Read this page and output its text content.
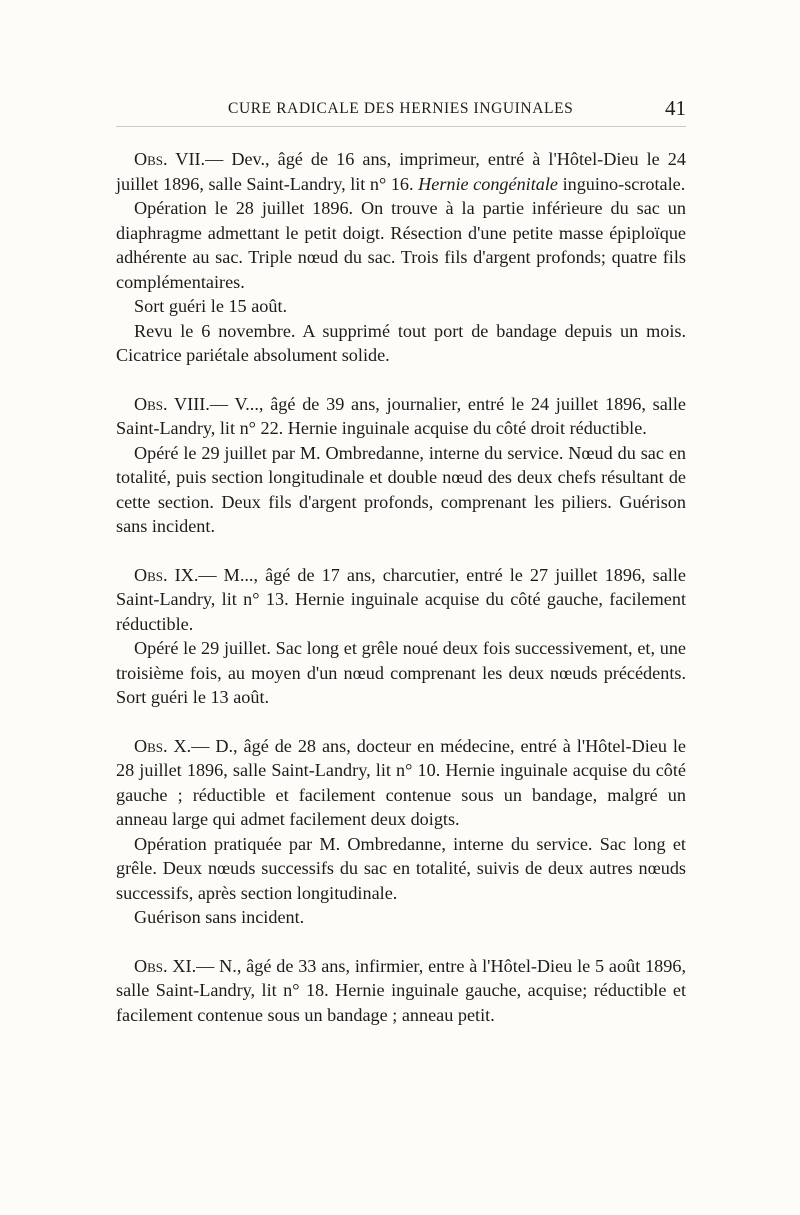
CURE RADICALE DES HERNIES INGUINALES	41

Obs. VII.— Dev., âgé de 16 ans, imprimeur, entré à l'Hôtel-Dieu le 24 juillet 1896, salle Saint-Landry, lit n° 16. Hernie congénitale inguino-scrotale.

Opération le 28 juillet 1896. On trouve à la partie inférieure du sac un diaphragme admettant le petit doigt. Résection d'une petite masse épiploïque adhérente au sac. Triple nœud du sac. Trois fils d'argent profonds; quatre fils complémentaires.

Sort guéri le 15 août.

Revu le 6 novembre. A supprimé tout port de bandage depuis un mois. Cicatrice pariétale absolument solide.

Obs. VIII.— V..., âgé de 39 ans, journalier, entré le 24 juillet 1896, salle Saint-Landry, lit n° 22. Hernie inguinale acquise du côté droit réductible.

Opéré le 29 juillet par M. Ombredanne, interne du service. Nœud du sac en totalité, puis section longitudinale et double nœud des deux chefs résultant de cette section. Deux fils d'argent profonds, comprenant les piliers. Guérison sans incident.

Obs. IX.— M..., âgé de 17 ans, charcutier, entré le 27 juillet 1896, salle Saint-Landry, lit n° 13. Hernie inguinale acquise du côté gauche, facilement réductible.

Opéré le 29 juillet. Sac long et grêle noué deux fois successivement, et, une troisième fois, au moyen d'un nœud comprenant les deux nœuds précédents. Sort guéri le 13 août.

Obs. X.— D., âgé de 28 ans, docteur en médecine, entré à l'Hôtel-Dieu le 28 juillet 1896, salle Saint-Landry, lit n° 10. Hernie inguinale acquise du côté gauche ; réductible et facilement contenue sous un bandage, malgré un anneau large qui admet facilement deux doigts.

Opération pratiquée par M. Ombredanne, interne du service. Sac long et grêle. Deux nœuds successifs du sac en totalité, suivis de deux autres nœuds successifs, après section longitudinale.

Guérison sans incident.

Obs. XI.— N., âgé de 33 ans, infirmier, entre à l'Hôtel-Dieu le 5 août 1896, salle Saint-Landry, lit n° 18. Hernie inguinale gauche, acquise; réductible et facilement contenue sous un bandage ; anneau petit.
